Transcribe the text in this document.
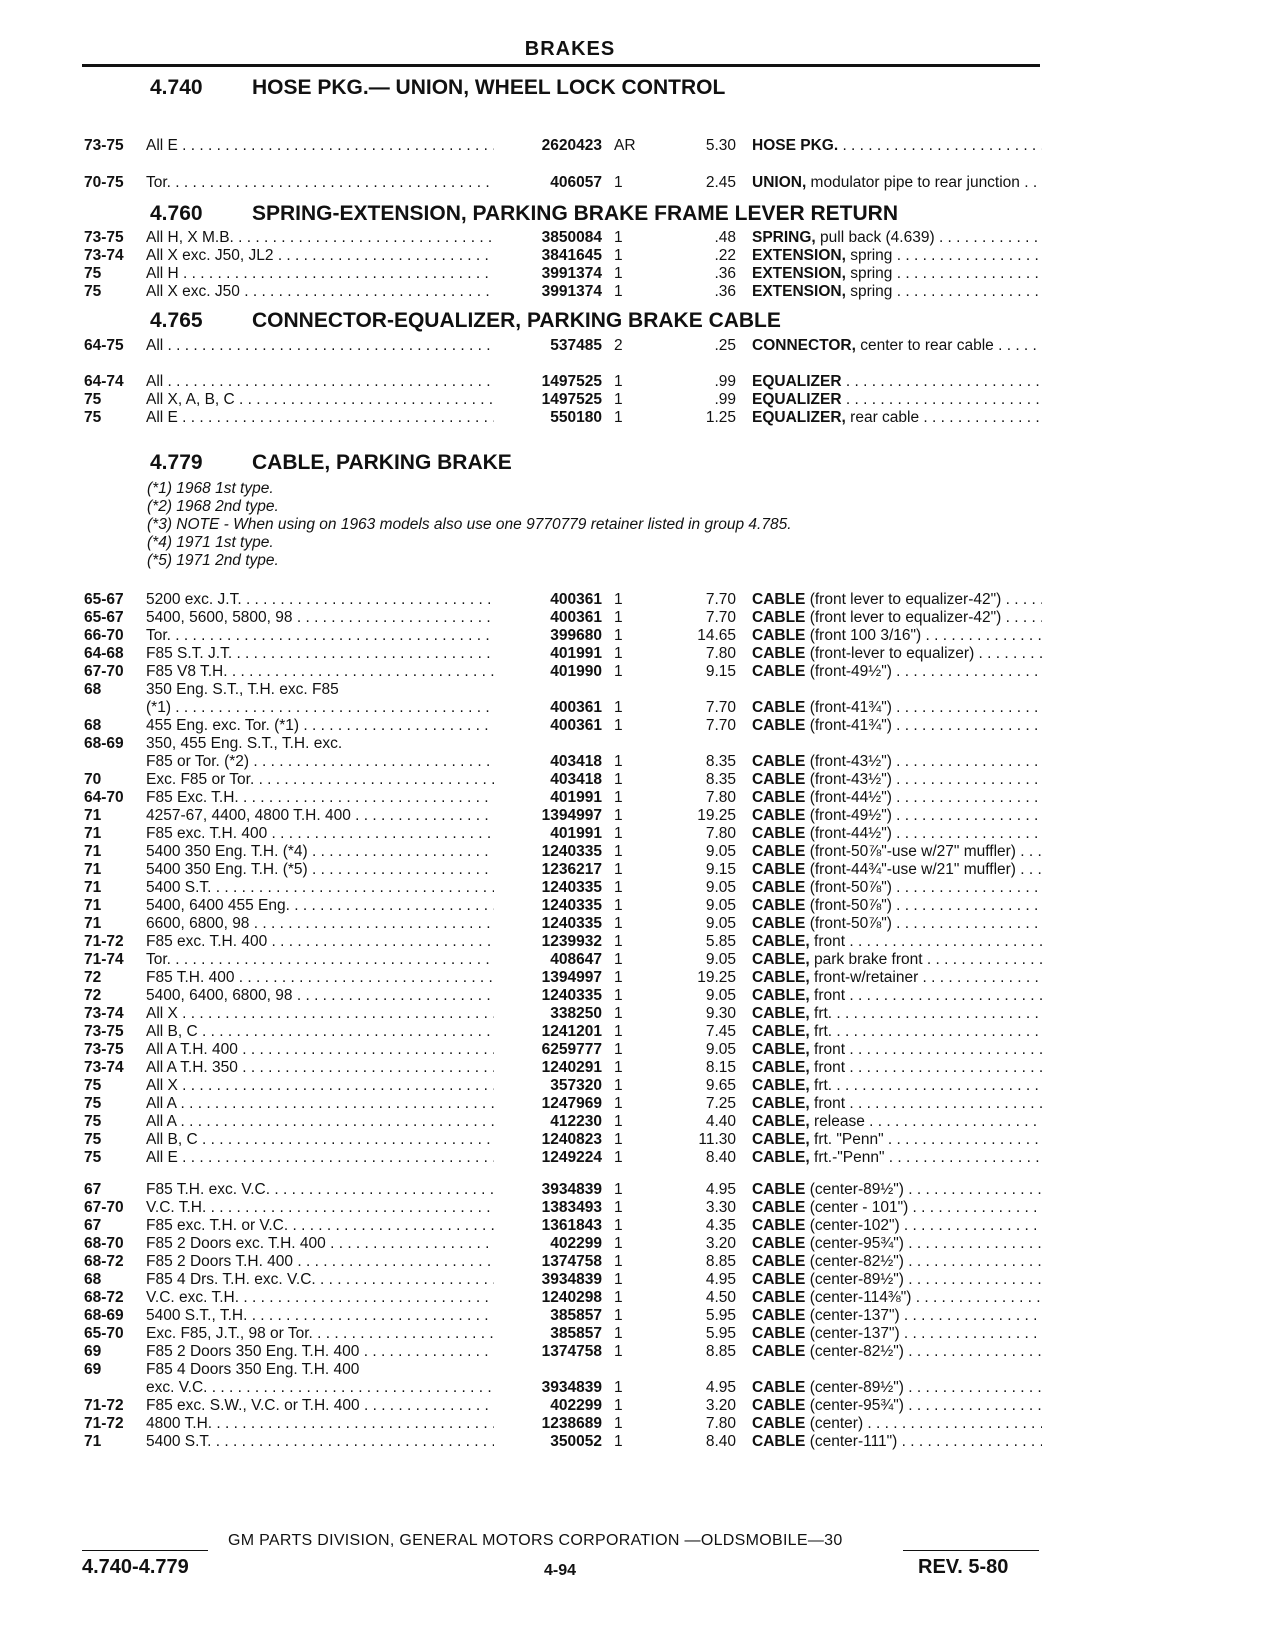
BRAKES
4.740 HOSE PKG.— UNION, WHEEL LOCK CONTROL
4.760 SPRING-EXTENSION, PARKING BRAKE FRAME LEVER RETURN
4.765 CONNECTOR-EQUALIZER, PARKING BRAKE CABLE
4.779 CABLE, PARKING BRAKE
(*1) 1968 1st type.
(*2) 1968 2nd type.
(*3) NOTE - When using on 1963 models also use one 9770779 retainer listed in group 4.785.
(*4) 1971 1st type.
(*5) 1971 2nd type.
73-75	All E . . .	2620423 AR	5.30 HOSE PKG. . . .
70-75	Tor. . . .	406057 1	2.45 UNION, modulator pipe to rear junction . . .
73-75	All H, X M.B. . . .	3850084 1	.48 SPRING, pull back (4.639) . . .
73-74	All X exc. J50, JL2 . . .	3841645 1	.22 EXTENSION, spring . . .
75	All H . . .	3991374 1	.36 EXTENSION, spring . . .
75	All X exc. J50 . . .	3991374 1	.36 EXTENSION, spring . . .
64-75	All . . .	537485 2	.25 CONNECTOR, center to rear cable . . .
64-74	All . . .	1497525 1	.99 EQUALIZER . . .
75	All X, A, B, C . . .	1497525 1	.99 EQUALIZER . . .
75	All E . . .	550180 1	1.25 EQUALIZER, rear cable . . .
65-67	5200 exc. J.T. . . .	400361 1	7.70 CABLE (front lever to equalizer-42") . . .
65-67	5400, 5600, 5800, 98 . . .	400361 1	7.70 CABLE (front lever to equalizer-42") . . .
66-70	Tor. . . .	399680 1	14.65 CABLE (front 100 3/16") . . .
64-68	F85 S.T. J.T. . . .	401991 1	7.80 CABLE (front-lever to equalizer) . . .
67-70	F85 V8 T.H. . . .	401990 1	9.15 CABLE (front-49½") . . .
68	350 Eng. S.T., T.H. exc. F85
(*1) . . .	400361 1	7.70 CABLE (front-41¾") . . .
68	455 Eng. exc. Tor. (*1) . . .	400361 1	7.70 CABLE (front-41¾") . . .
68-69	350, 455 Eng. S.T., T.H. exc.
F85 or Tor. (*2) . . .	403418 1	8.35 CABLE (front-43½") . . .
70	Exc. F85 or Tor. . . .	403418 1	8.35 CABLE (front-43½") . . .
64-70	F85 Exc. T.H. . . .	401991 1	7.80 CABLE (front-44½") . . .
71	4257-67, 4400, 4800 T.H. 400 . . .	1394997 1	19.25 CABLE (front-49½") . . .
71	F85 exc. T.H. 400 . . .	401991 1	7.80 CABLE (front-44½") . . .
71	5400 350 Eng. T.H. (*4) . . .	1240335 1	9.05 CABLE (front-50⅞"-use w/27" muffler) . . .
71	5400 350 Eng. T.H. (*5) . . .	1236217 1	9.15 CABLE (front-44¾"-use w/21" muffler) . . .
71	5400 S.T. . . .	1240335 1	9.05 CABLE (front-50⅞") . . .
71	5400, 6400 455 Eng. . . .	1240335 1	9.05 CABLE (front-50⅞") . . .
71	6600, 6800, 98 . . .	1240335 1	9.05 CABLE (front-50⅞") . . .
71-72	F85 exc. T.H. 400 . . .	1239932 1	5.85 CABLE, front . . .
71-74	Tor. . . .	408647 1	9.05 CABLE, park brake front . . .
72	F85 T.H. 400 . . .	1394997 1	19.25 CABLE, front-w/retainer . . .
72	5400, 6400, 6800, 98 . . .	1240335 1	9.05 CABLE, front . . .
73-74	All X . . .	338250 1	9.30 CABLE, frt. . . .
73-75	All B, C . . .	1241201 1	7.45 CABLE, frt. . . .
73-75	All A T.H. 400 . . .	6259777 1	9.05 CABLE, front . . .
73-74	All A T.H. 350 . . .	1240291 1	8.15 CABLE, front . . .
75	All X . . .	357320 1	9.65 CABLE, frt. . . .
75	All A . . .	1247969 1	7.25 CABLE, front . . .
75	All A . . .	412230 1	4.40 CABLE, release . . .
75	All B, C . . .	1240823 1	11.30 CABLE, frt. "Penn" . . .
75	All E . . .	1249224 1	8.40 CABLE, frt.-"Penn" . . .
67	F85 T.H. exc. V.C. . . .	3934839 1	4.95 CABLE (center-89½") . . .
67-70	V.C. T.H. . . .	1383493 1	3.30 CABLE (center - 101") . . .
67	F85 exc. T.H. or V.C. . . .	1361843 1	4.35 CABLE (center-102") . . .
68-70	F85 2 Doors exc. T.H. 400 . . .	402299 1	3.20 CABLE (center-95¾") . . .
68-72	F85 2 Doors T.H. 400 . . .	1374758 1	8.85 CABLE (center-82½") . . .
68	F85 4 Drs. T.H. exc. V.C. . . .	3934839 1	4.95 CABLE (center-89½") . . .
68-72	V.C. exc. T.H. . . .	1240298 1	4.50 CABLE (center-114⅜") . . .
68-69	5400 S.T., T.H. . . .	385857 1	5.95 CABLE (center-137") . . .
65-70	Exc. F85, J.T., 98 or Tor. . . .	385857 1	5.95 CABLE (center-137") . . .
69	F85 2 Doors 350 Eng. T.H. 400 . . .	1374758 1	8.85 CABLE (center-82½") . . .
69	F85 4 Doors 350 Eng. T.H. 400
exc. V.C. . . .	3934839 1	4.95 CABLE (center-89½") . . .
71-72	F85 exc. S.W., V.C. or T.H. 400 . . .	402299 1	3.20 CABLE (center-95¾") . . .
71-72	4800 T.H. . . .	1238689 1	7.80 CABLE (center) . . .
71	5400 S.T. . . .	350052 1	8.40 CABLE (center-111") . . .
GM PARTS DIVISION, GENERAL MOTORS CORPORATION —OLDSMOBILE—30
4.740-4.779	4-94	REV. 5-80
